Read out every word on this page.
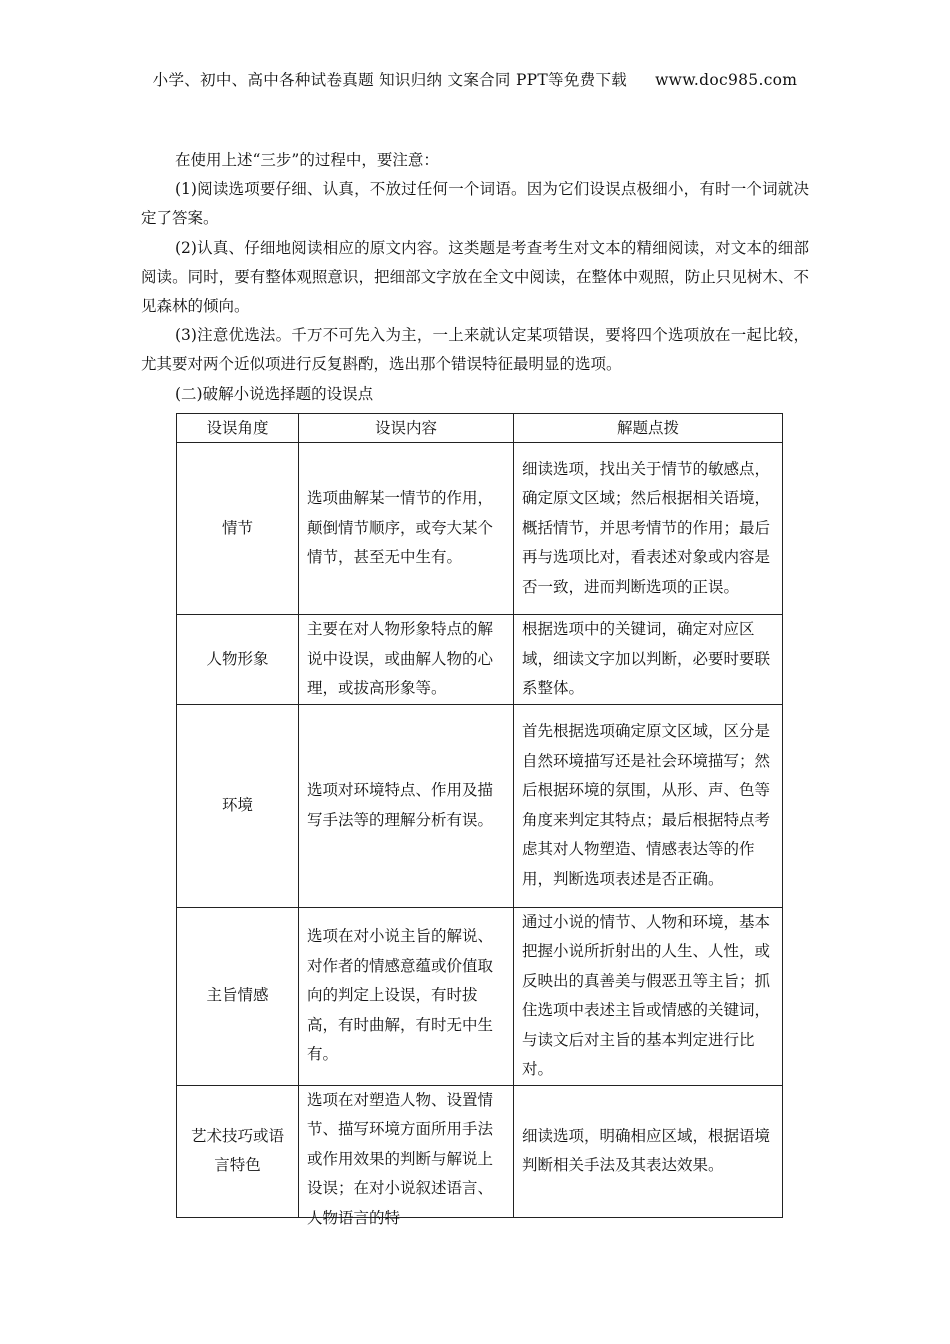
小学、初中、高中各种试卷真题 知识归纳 文案合同 PPT等免费下载 www.doc985.com

在使用上述“三步”的过程中，要注意：

(1)阅读选项要仔细、认真，不放过任何一个词语。因为它们设误点极细小，有时一个词就决定了答案。

(2)认真、仔细地阅读相应的原文内容。这类题是考查考生对文本的精细阅读，对文本的细部阅读。同时，要有整体观照意识，把细部文字放在全文中阅读，在整体中观照，防止只见树木、不见森林的倾向。

(3)注意优选法。千万不可先入为主，一上来就认定某项错误，要将四个选项放在一起比较，尤其要对两个近似项进行反复斟酌，选出那个错误特征最明显的选项。

(二)破解小说选择题的设误点

设误角度	设误内容	解题点拨
情节	选项曲解某一情节的作用，颠倒情节顺序，或夸大某个情节，甚至无中生有。	细读选项，找出关于情节的敏感点，确定原文区域；然后根据相关语境，概括情节，并思考情节的作用；最后再与选项比对，看表述对象或内容是否一致，进而判断选项的正误。
人物形象	主要在对人物形象特点的解说中设误，或曲解人物的心理，或拔高形象等。	根据选项中的关键词，确定对应区域，细读文字加以判断，必要时要联系整体。
环境	选项对环境特点、作用及描写手法等的理解分析有误。	首先根据选项确定原文区域，区分是自然环境描写还是社会环境描写；然后根据环境的氛围，从形、声、色等角度来判定其特点；最后根据特点考虑其对人物塑造、情感表达等的作用，判断选项表述是否正确。
主旨情感	选项在对小说主旨的解说、对作者的情感意蕴或价值取向的判定上设误，有时拔高，有时曲解，有时无中生有。	通过小说的情节、人物和环境，基本把握小说所折射出的人生、人性，或反映出的真善美与假恶丑等主旨；抓住选项中表述主旨或情感的关键词，与读文后对主旨的基本判定进行比对。
艺术技巧或语言特色	选项在对塑造人物、设置情节、描写环境方面所用手法或作用效果的判断与解说上设误；在对小说叙述语言、人物语言的特	细读选项，明确相应区域，根据语境判断相关手法及其表达效果。
